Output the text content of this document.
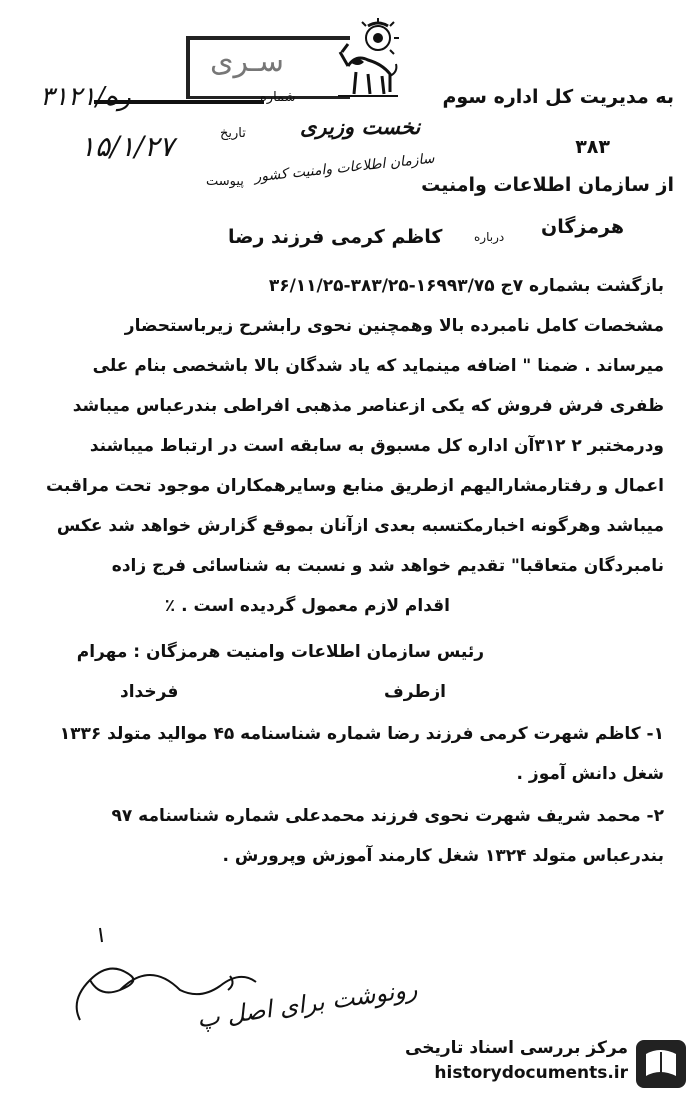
سـرى
۳۱۲ره/۱	شماره
۱۵/۱/۲۷	تاریخ
پیوست
نخست وزیری
سازمان اطلاعات وامنیت کشور
به مدیریت کل اداره سوم
۳۸۳
از سازمان اطلاعات وامنیت
هرمزگان
درباره
کاظم کرمی فرزند رضا
بازگشت بشماره ۷ج ۱۶۹۹۳/۷۵-۳۸۳/۲۵-۳۶/۱۱/۲۵
مشخصات کامل نامبرده بالا وهمچنین نحوی رابشرح زیرباستحضار
میرساند . ضمنا " اضافه مینماید که یاد شدگان بالا باشخصی بنام علی
ظفری فرش فروش که یکی ازعناصر مذهبی افراطی بندرعباس میباشد
ودرمختبر ۲ ۳۱۲آن اداره کل مسبوق به سابقه است در ارتباط میباشند
اعمال و رفتارمشارالیهم ازطریق منابع وسایرهمکاران موجود تحت مراقبت
میباشد وهرگونه اخبارمکتسبه بعدی ازآنان بموقع گزارش خواهد شد عکس
نامبردگان متعاقبا" تقدیم خواهد شد و نسبت به شناسائی فرج زاده
اقدام لازم معمول گردیده است . ٪
رئیس سازمان اطلاعات وامنیت هرمزگان : مهرام
ازطرف
فرخداد
۱- کاظم شهرت کرمی فرزند رضا شماره شناسنامه ۴۵ موالید متولد ۱۳۳۶
شغل دانش آموز .
۲- محمد شریف شهرت نحوی فرزند محمدعلی شماره شناسنامه ۹۷
بندرعباس متولد ۱۳۲۴ شغل کارمند آموزش وپرورش .
رونوشت برای اصل پ
مرکز بررسی اسناد تاریخی
historydocuments.ir
